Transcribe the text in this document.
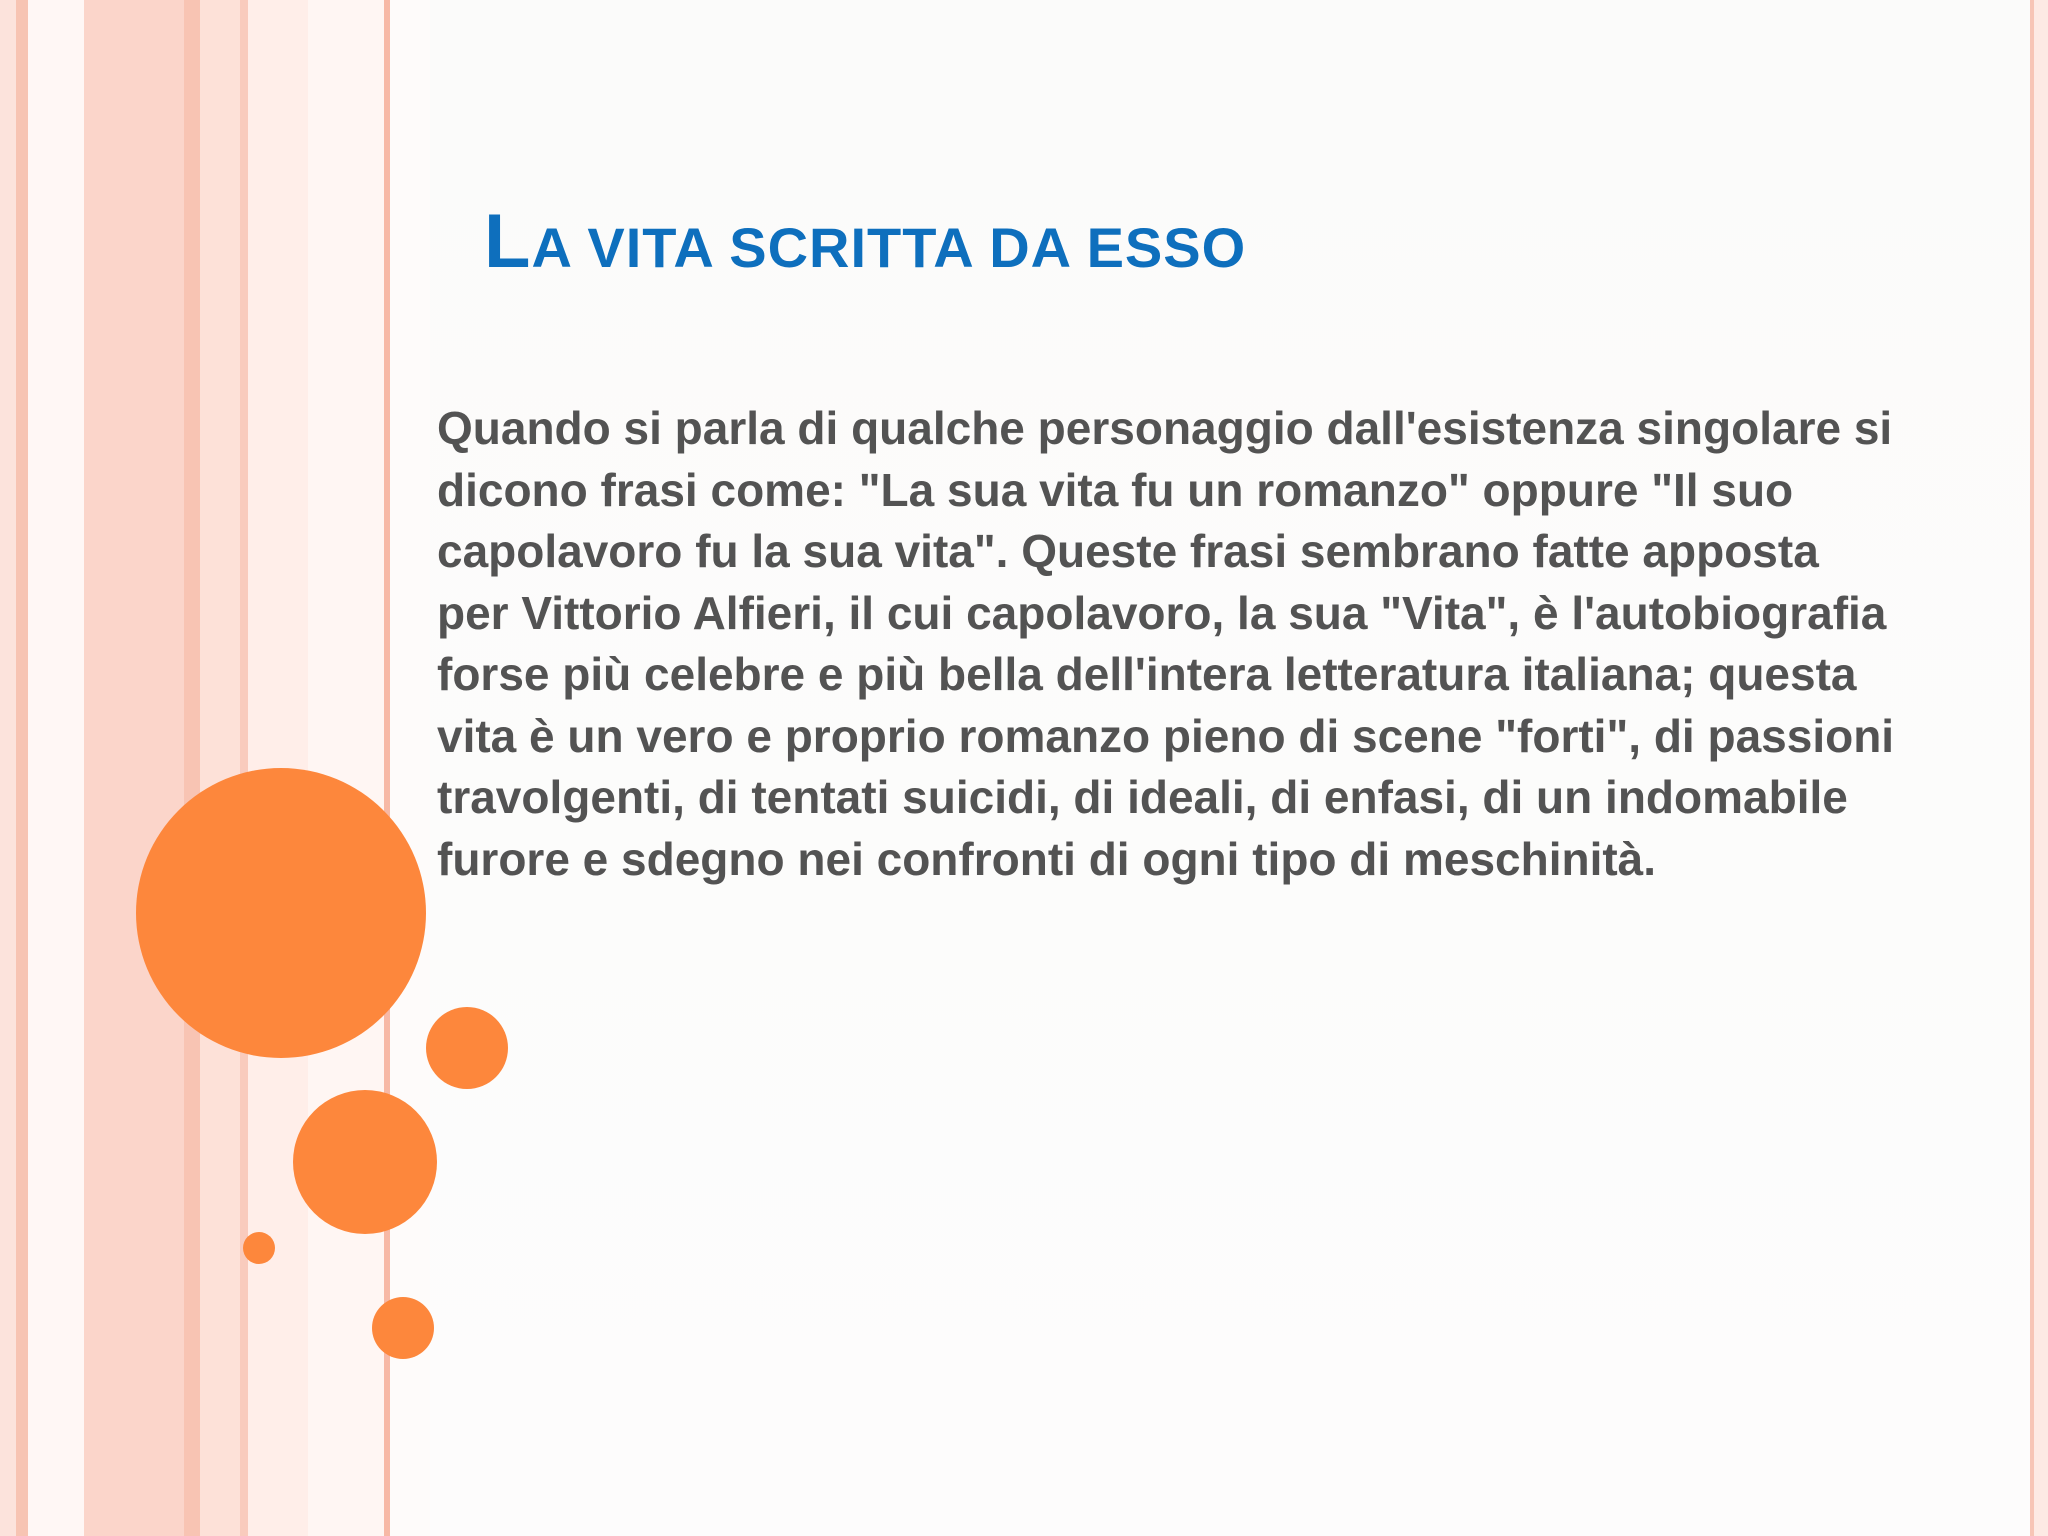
LA VITA SCRITTA DA ESSO
Quando si parla di qualche personaggio dall'esistenza singolare si dicono frasi come: "La sua vita fu un romanzo" oppure "Il suo capolavoro fu la sua vita". Queste frasi sembrano fatte apposta per Vittorio Alfieri, il cui capolavoro, la sua "Vita", è l'autobiografia forse più celebre e più bella dell'intera letteratura italiana; questa vita è un vero e proprio romanzo pieno di scene "forti", di passioni travolgenti, di tentati suicidi, di ideali, di enfasi, di un indomabile furore e sdegno nei confronti di ogni tipo di meschinità.
